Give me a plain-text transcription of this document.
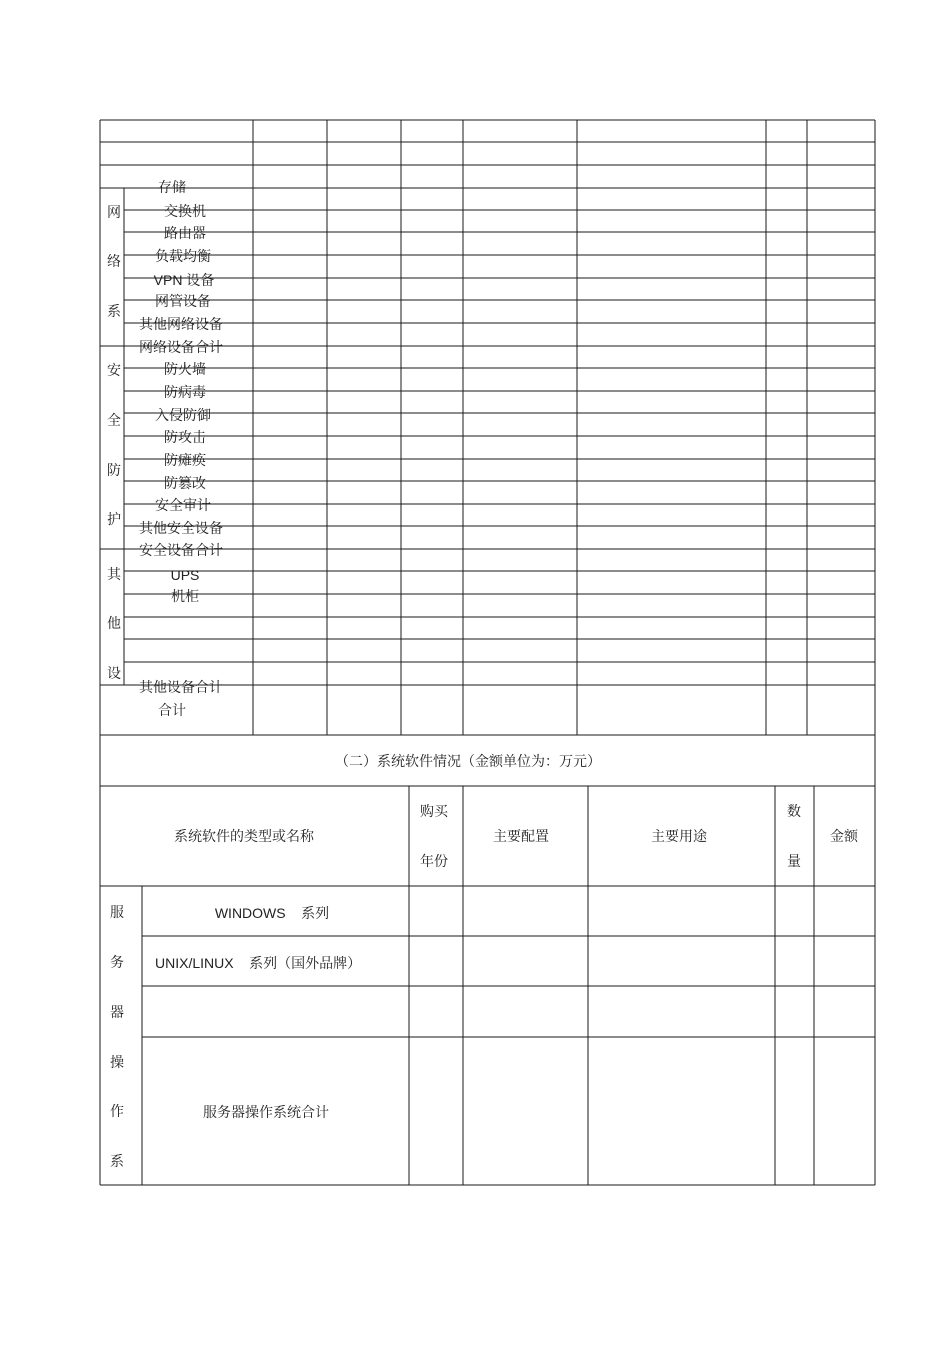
网
络
系
存储
交换机
路由器
负载均衡
VPN 设备
网管设备
其他网络设备
网络设备合计
安
全
防
护
防火墙
防病毒
入侵防御
防攻击
防瘫痪
防篡改
安全审计
其他安全设备
安全设备合计
其
他
设
UPS
机柜
其他设备合计
合计
（二）系统软件情况（金额单位为：万元）
系统软件的类型或名称
购买
年份
主要配置	主要用途
数
量
金额
服
务
器
操
作
系
WINDOWS    系列
UNIX/LINUX    系列（国外品牌）
服务器操作系统合计
